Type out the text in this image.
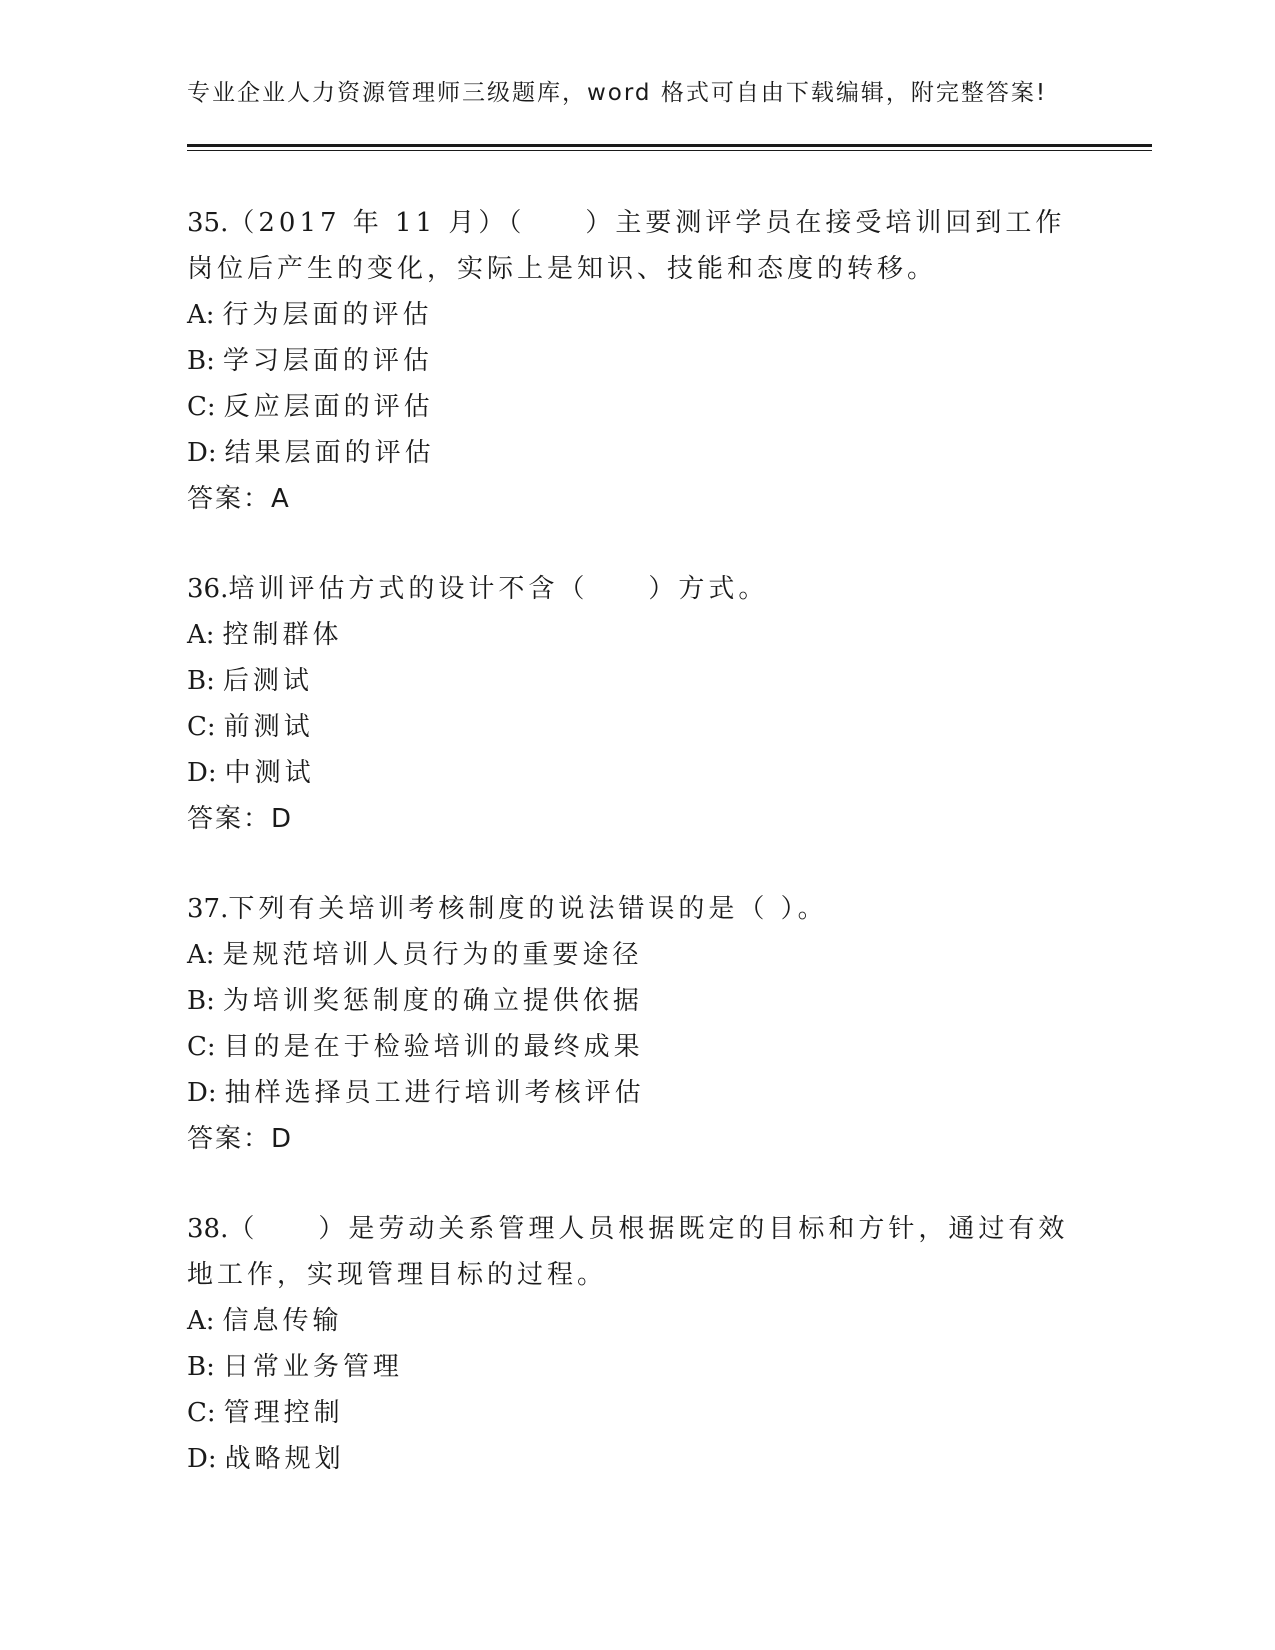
专业企业人力资源管理师三级题库，word 格式可自由下载编辑，附完整答案!

35.（2017 年 11 月）（　　）主要测评学员在接受培训回到工作岗位后产生的变化，实际上是知识、技能和态度的转移。

A: 行为层面的评估

B: 学习层面的评估

C: 反应层面的评估

D: 结果层面的评估

答案：A

36.培训评估方式的设计不含（　　）方式。

A: 控制群体

B: 后测试

C: 前测试

D: 中测试

答案：D

37.下列有关培训考核制度的说法错误的是（ ）。

A: 是规范培训人员行为的重要途径

B: 为培训奖惩制度的确立提供依据

C: 目的是在于检验培训的最终成果

D: 抽样选择员工进行培训考核评估

答案：D

38.（　　）是劳动关系管理人员根据既定的目标和方针，通过有效地工作，实现管理目标的过程。

A: 信息传输

B: 日常业务管理

C: 管理控制

D: 战略规划
